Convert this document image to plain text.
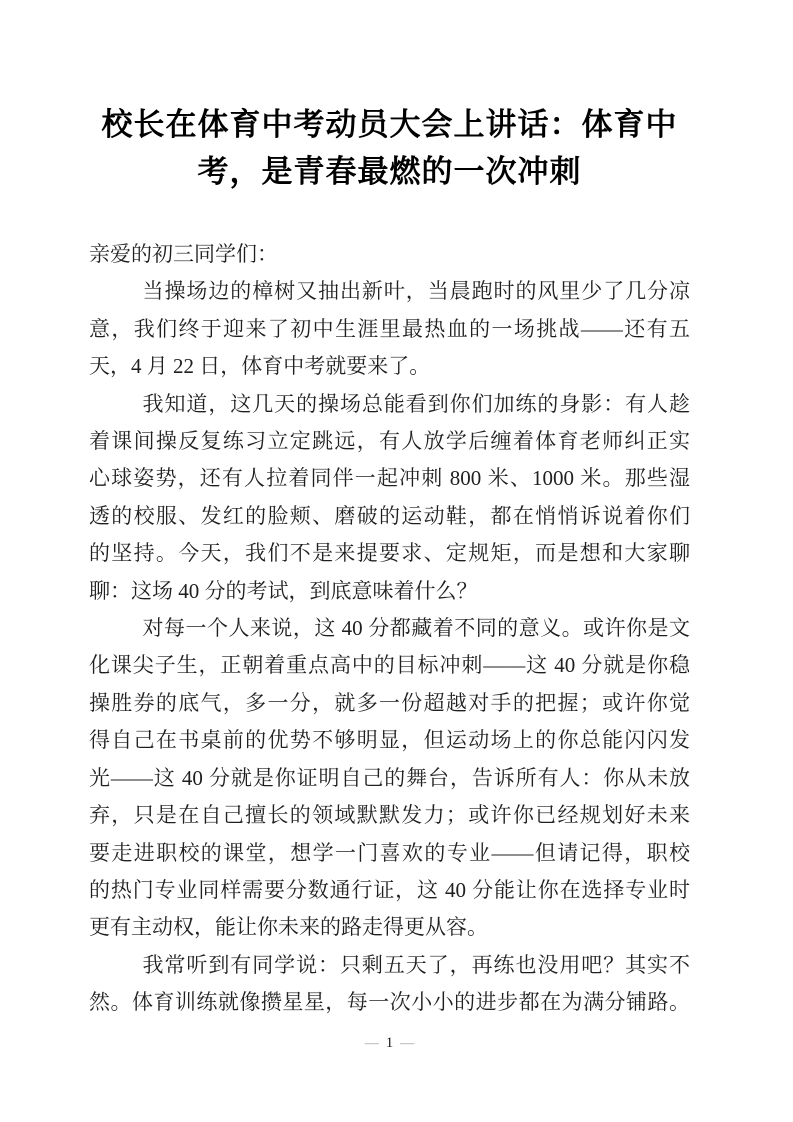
校长在体育中考动员大会上讲话：体育中
考，是青春最燃的一次冲刺
亲爱的初三同学们：
当操场边的樟树又抽出新叶，当晨跑时的风里少了几分凉
意，我们终于迎来了初中生涯里最热血的一场挑战——还有五
天，4 月 22 日，体育中考就要来了。
我知道，这几天的操场总能看到你们加练的身影：有人趁
着课间操反复练习立定跳远，有人放学后缠着体育老师纠正实
心球姿势，还有人拉着同伴一起冲刺 800 米、1000 米。那些湿
透的校服、发红的脸颊、磨破的运动鞋，都在悄悄诉说着你们
的坚持。今天，我们不是来提要求、定规矩，而是想和大家聊
聊：这场 40 分的考试，到底意味着什么？
对每一个人来说，这 40 分都藏着不同的意义。或许你是文
化课尖子生，正朝着重点高中的目标冲刺——这 40 分就是你稳
操胜券的底气，多一分，就多一份超越对手的把握；或许你觉
得自己在书桌前的优势不够明显，但运动场上的你总能闪闪发
光——这 40 分就是你证明自己的舞台，告诉所有人：你从未放
弃，只是在自己擅长的领域默默发力；或许你已经规划好未来
要走进职校的课堂，想学一门喜欢的专业——但请记得，职校
的热门专业同样需要分数通行证，这 40 分能让你在选择专业时
更有主动权，能让你未来的路走得更从容。
我常听到有同学说：只剩五天了，再练也没用吧？其实不
然。体育训练就像攒星星，每一次小小的进步都在为满分铺路。
— 1 —
